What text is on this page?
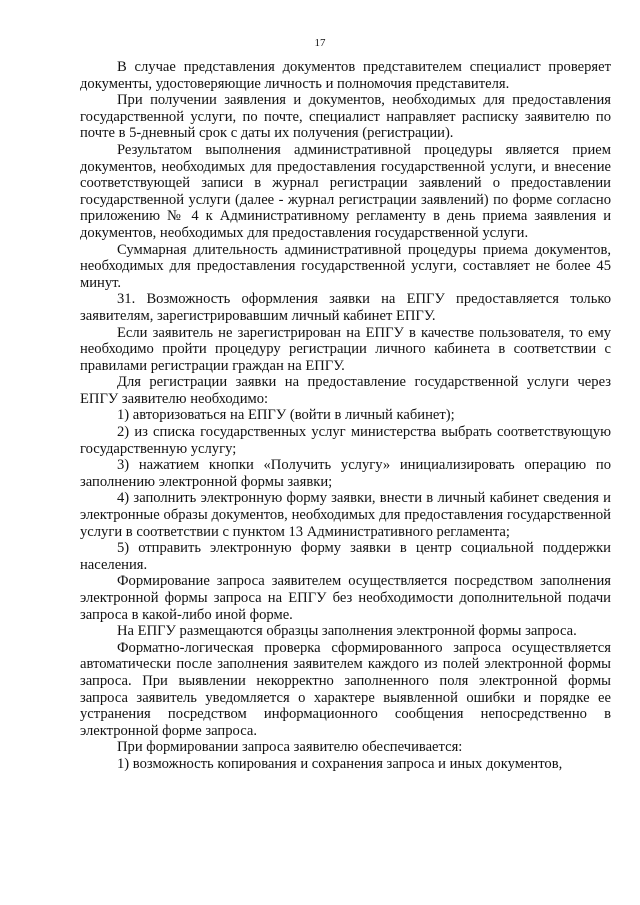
17

В случае представления документов представителем специалист проверяет документы, удостоверяющие личность и полномочия представителя.

При получении заявления и документов, необходимых для предоставления государственной услуги, по почте, специалист направляет расписку заявителю по почте в 5-дневный срок с даты их получения (регистрации).

Результатом выполнения административной процедуры является прием документов, необходимых для предоставления государственной услуги, и внесение соответствующей записи в журнал регистрации заявлений о предоставлении государственной услуги (далее - журнал регистрации заявлений) по форме согласно приложению № 4 к Административному регламенту в день приема заявления и документов, необходимых для предоставления государственной услуги.

Суммарная длительность административной процедуры приема документов, необходимых для предоставления государственной услуги, составляет не более 45 минут.

31. Возможность оформления заявки на ЕПГУ предоставляется только заявителям, зарегистрировавшим личный кабинет ЕПГУ.

Если заявитель не зарегистрирован на ЕПГУ в качестве пользователя, то ему необходимо пройти процедуру регистрации личного кабинета в соответствии с правилами регистрации граждан на ЕПГУ.

Для регистрации заявки на предоставление государственной услуги через ЕПГУ заявителю необходимо:

1) авторизоваться на ЕПГУ (войти в личный кабинет);

2) из списка государственных услуг министерства выбрать соответствующую государственную услугу;

3) нажатием кнопки «Получить услугу» инициализировать операцию по заполнению электронной формы заявки;

4) заполнить электронную форму заявки, внести в личный кабинет сведения и электронные образы документов, необходимых для предоставления государственной услуги в соответствии с пунктом 13 Административного регламента;

5) отправить электронную форму заявки в центр социальной поддержки населения.

Формирование запроса заявителем осуществляется посредством заполнения электронной формы запроса на ЕПГУ без необходимости дополнительной подачи запроса в какой-либо иной форме.

На ЕПГУ размещаются образцы заполнения электронной формы запроса.

Форматно-логическая проверка сформированного запроса осуществляется автоматически после заполнения заявителем каждого из полей электронной формы запроса. При выявлении некорректно заполненного поля электронной формы запроса заявитель уведомляется о характере выявленной ошибки и порядке ее устранения посредством информационного сообщения непосредственно в электронной форме запроса.

При формировании запроса заявителю обеспечивается:

1) возможность копирования и сохранения запроса и иных документов,
